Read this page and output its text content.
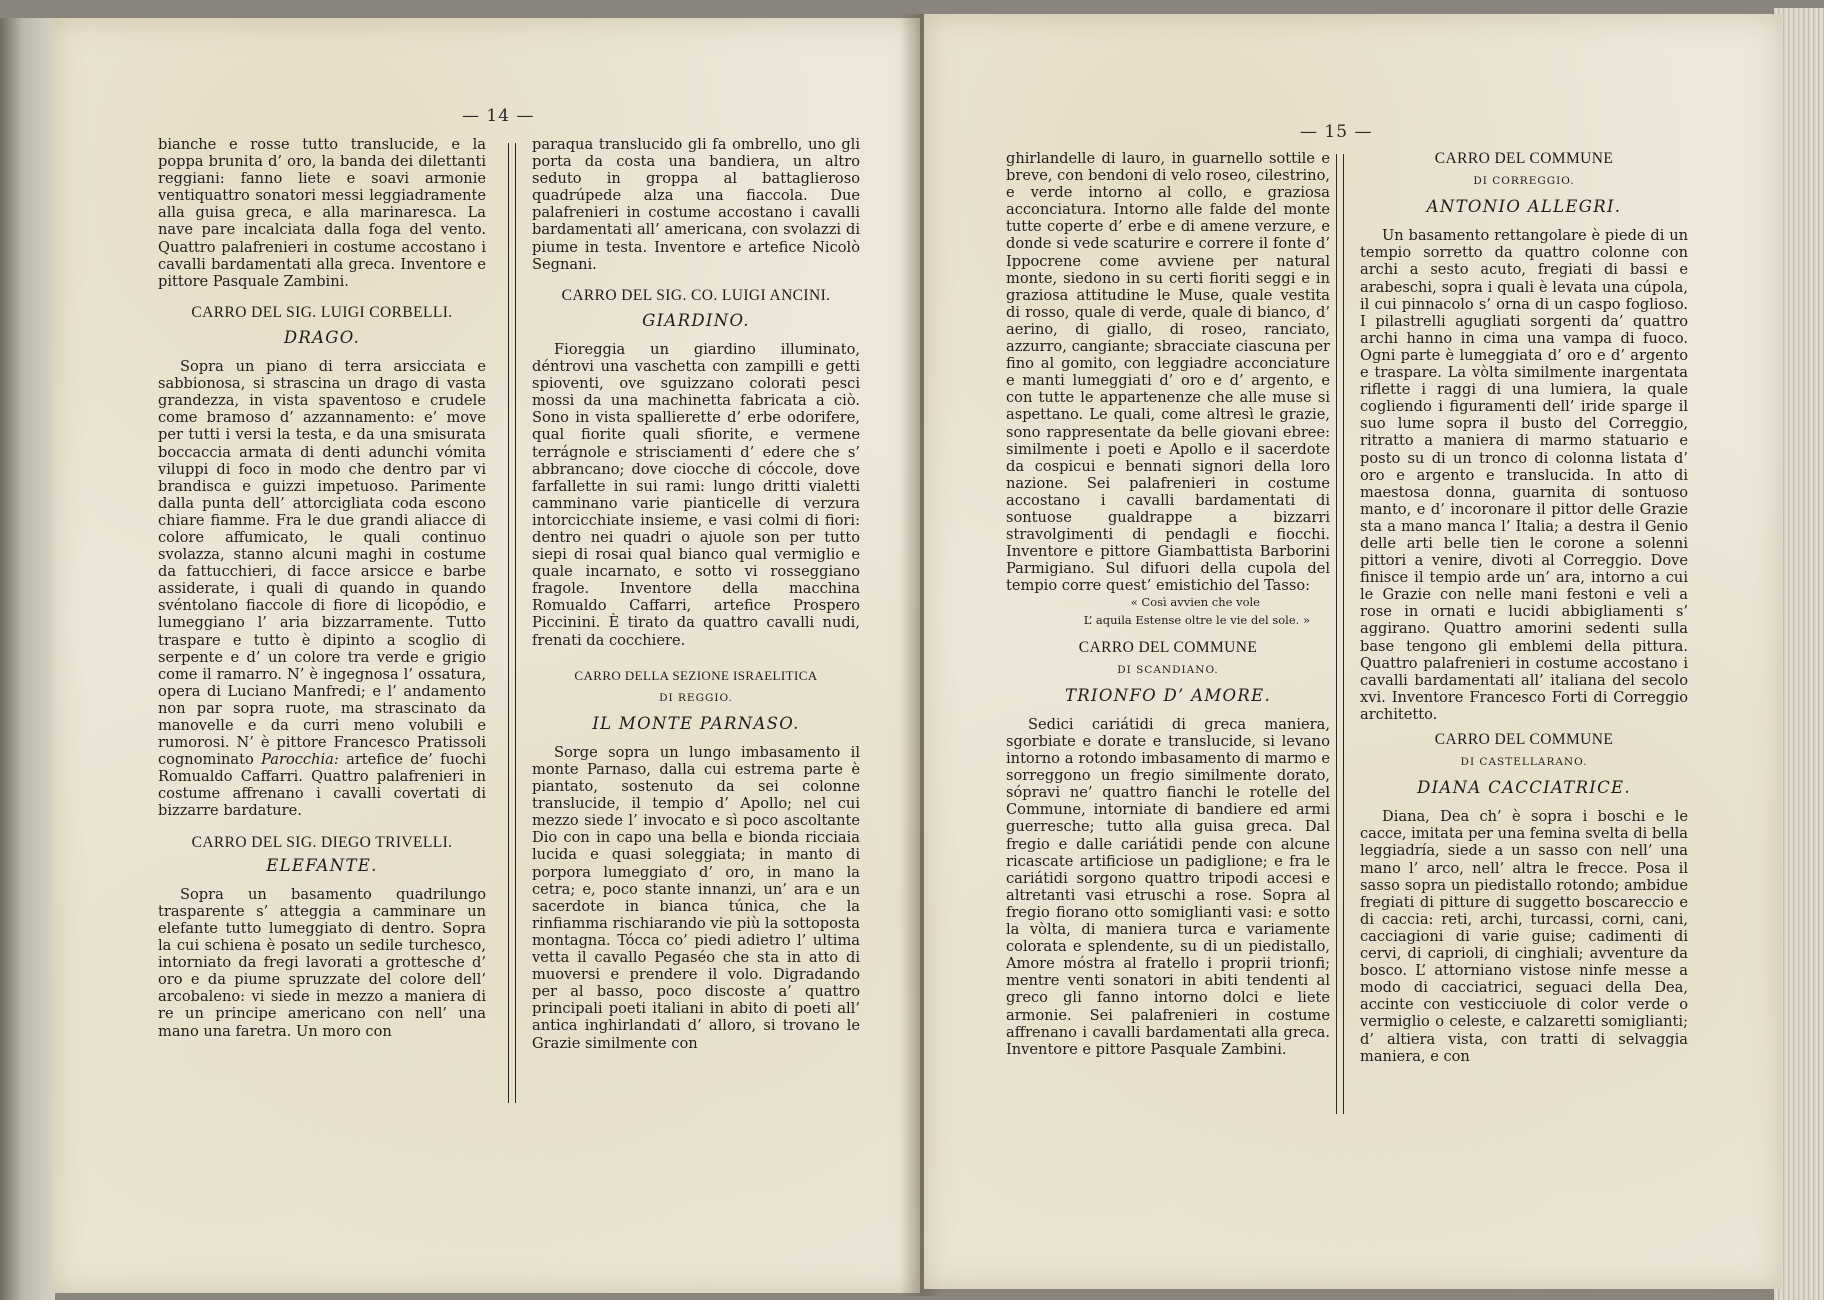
— 14 —

bianche e rosse tutto translucide, e la poppa brunita d’ oro, la banda dei dilettanti reggiani: fanno liete e soavi armonie ventiquattro sonatori messi leggiadramente alla guisa greca, e alla marinaresca. La nave pare incalciata dalla foga del vento. Quattro palafrenieri in costume accostano i cavalli bardamentati alla greca. Inventore e pittore Pasquale Zambini.

CARRO DEL SIG. LUIGI CORBELLI.
DRAGO.

Sopra un piano di terra arsicciata e sabbionosa, si strascina un drago di vasta grandezza, in vista spaventoso e crudele come bramoso d’ azzannamento: e’ move per tutti i versi la testa, e da una smisurata boccaccia armata di denti adunchi vómita viluppi di foco in modo che dentro par vi brandisca e guizzi impetuoso. Parimente dalla punta dell’ attorcigliata coda escono chiare fiamme. Fra le due grandi aliacce di colore affumicato, le quali continuo svolazza, stanno alcuni maghi in costume da fattucchieri, di facce arsicce e barbe assiderate, i quali di quando in quando svéntolano fiaccole di fiore di licopódio, e lumeggiano l’ aria bizzarramente. Tutto traspare e tutto è dipinto a scoglio di serpente e d’ un colore tra verde e grigio come il ramarro. N’ è ingegnosa l’ ossatura, opera di Luciano Manfredi; e l’ andamento non par sopra ruote, ma strascinato da manovelle e da curri meno volubili e rumorosi. N’ è pittore Francesco Pratissoli cognominato Parocchia: artefice de’ fuochi Romualdo Caffarri. Quattro palafrenieri in costume affrenano i cavalli covertati di bizzarre bardature.

CARRO DEL SIG. DIEGO TRIVELLI.
ELEFANTE.

Sopra un basamento quadrilungo trasparente s’ atteggia a camminare un elefante tutto lumeggiato di dentro. Sopra la cui schiena è posato un sedile turchesco, intorniato da fregi lavorati a grottesche d’ oro e da piume spruzzate del colore dell’ arcobaleno: vi siede in mezzo a maniera di re un principe americano con nell’ una mano una faretra. Un moro con

paraqua translucido gli fa ombrello, uno gli porta da costa una bandiera, un altro seduto in groppa al battaglieroso quadrúpede alza una fiaccola. Due palafrenieri in costume accostano i cavalli bardamentati all’ americana, con svolazzi di piume in testa. Inventore e artefice Nicolò Segnani.

CARRO DEL SIG. CO. LUIGI ANCINI.
GIARDINO.

Fioreggia un giardino illuminato, déntrovi una vaschetta con zampilli e getti spioventi, ove sguizzano colorati pesci mossi da una machinetta fabricata a ciò. Sono in vista spallierette d’ erbe odorifere, qual fiorite quali sfiorite, e vermene terrágnole e strisciamenti d’ edere che s’ abbrancano; dove ciocche di cóccole, dove farfallette in sui rami: lungo dritti vialetti camminano varie pianticelle di verzura intorcicchiate insieme, e vasi colmi di fiori: dentro nei quadri o ajuole son per tutto siepi di rosai qual bianco qual vermiglio e quale incarnato, e sotto vi rosseggiano fragole. Inventore della macchina Romualdo Caffarri, artefice Prospero Piccinini. È tirato da quattro cavalli nudi, frenati da cocchiere.

CARRO DELLA SEZIONE ISRAELITICA
DI REGGIO.
IL MONTE PARNASO.

Sorge sopra un lungo imbasamento il monte Parnaso, dalla cui estrema parte è piantato, sostenuto da sei colonne translucide, il tempio d’ Apollo; nel cui mezzo siede l’ invocato e sì poco ascoltante Dio con in capo una bella e bionda ricciaia lucida e quasi soleggiata; in manto di porpora lumeggiato d’ oro, in mano la cetra; e, poco stante innanzi, un’ ara e un sacerdote in bianca túnica, che la rinfiamma rischiarando vie più la sottoposta montagna. Tócca co’ piedi adietro l’ ultima vetta il cavallo Pegaséo che sta in atto di muoversi e prendere il volo. Digradando per al basso, poco discoste a’ quattro principali poeti italiani in abito di poeti all’ antica inghirlandati d’ alloro, si trovano le Grazie similmente con

— 15 —

ghirlandelle di lauro, in guarnello sottile e breve, con bendoni di velo roseo, cilestrino, e verde intorno al collo, e graziosa acconciatura. Intorno alle falde del monte tutte coperte d’ erbe e di amene verzure, e donde si vede scaturire e correre il fonte d’ Ippocrene come avviene per natural monte, siedono in su certi fioriti seggi e in graziosa attitudine le Muse, quale vestita di rosso, quale di verde, quale di bianco, d’ aerino, di giallo, di roseo, ranciato, azzurro, cangiante; sbracciate ciascuna per fino al gomito, con leggiadre acconciature e manti lumeggiati d’ oro e d’ argento, e con tutte le appartenenze che alle muse si aspettano. Le quali, come altresì le grazie, sono rappresentate da belle giovani ebree: similmente i poeti e Apollo e il sacerdote da cospicui e bennati signori della loro nazione. Sei palafrenieri in costume accostano i cavalli bardamentati di sontuose gualdrappe a bizzarri stravolgimenti di pendagli e fiocchi. Inventore e pittore Giambattista Barborini Parmigiano. Sul difuori della cupola del tempio corre quest’ emistichio del Tasso:

« Così avvien che vole
L’ aquila Estense oltre le vie del sole. »
CARRO DEL COMMUNE
DI SCANDIANO.
TRIONFO D’ AMORE.

Sedici cariátidi di greca maniera, sgorbiate e dorate e translucide, si levano intorno a rotondo imbasamento di marmo e sorreggono un fregio similmente dorato, sópravi ne’ quattro fianchi le rotelle del Commune, intorniate di bandiere ed armi guerresche; tutto alla guisa greca. Dal fregio e dalle cariátidi pende con alcune ricascate artificiose un padiglione; e fra le cariátidi sorgono quattro tripodi accesi e altretanti vasi etruschi a rose. Sopra al fregio fiorano otto somiglianti vasi: e sotto la vòlta, di maniera turca e variamente colorata e splendente, su di un piedistallo, Amore móstra al fratello i proprii trionfi; mentre venti sonatori in abiti tendenti al greco gli fanno intorno dolci e liete armonie. Sei palafrenieri in costume affrenano i cavalli bardamentati alla greca. Inventore e pittore Pasquale Zambini.

CARRO DEL COMMUNE
DI CORREGGIO.
ANTONIO ALLEGRI.

Un basamento rettangolare è piede di un tempio sorretto da quattro colonne con archi a sesto acuto, fregiati di bassi e arabeschi, sopra i quali è levata una cúpola, il cui pinnacolo s’ orna di un caspo foglioso. I pilastrelli agugliati sorgenti da’ quattro archi hanno in cima una vampa di fuoco. Ogni parte è lumeggiata d’ oro e d’ argento e traspare. La vòlta similmente inargentata riflette i raggi di una lumiera, la quale cogliendo i figuramenti dell’ iride sparge il suo lume sopra il busto del Correggio, ritratto a maniera di marmo statuario e posto su di un tronco di colonna listata d’ oro e argento e translucida. In atto di maestosa donna, guarnita di sontuoso manto, e d’ incoronare il pittor delle Grazie sta a mano manca l’ Italia; a destra il Genio delle arti belle tien le corone a solenni pittori a venire, divoti al Correggio. Dove finisce il tempio arde un’ ara, intorno a cui le Grazie con nelle mani festoni e veli a rose in ornati e lucidi abbigliamenti s’ aggirano. Quattro amorini sedenti sulla base tengono gli emblemi della pittura. Quattro palafrenieri in costume accostano i cavalli bardamentati all’ italiana del secolo xvi. Inventore Francesco Forti di Correggio architetto.

CARRO DEL COMMUNE
DI CASTELLARANO.
DIANA CACCIATRICE.

Diana, Dea ch’ è sopra i boschi e le cacce, imitata per una femina svelta di bella leggiadría, siede a un sasso con nell’ una mano l’ arco, nell’ altra le frecce. Posa il sasso sopra un piedistallo rotondo; ambidue fregiati di pitture di suggetto boscareccio e di caccia: reti, archi, turcassi, corni, cani, cacciagioni di varie guise; cadimenti di cervi, di caprioli, di cinghiali; avventure da bosco. L’ attorniano vistose ninfe messe a modo di cacciatrici, seguaci della Dea, accinte con vesticciuole di color verde o vermiglio o celeste, e calzaretti somiglianti; d’ altiera vista, con tratti di selvaggia maniera, e con
